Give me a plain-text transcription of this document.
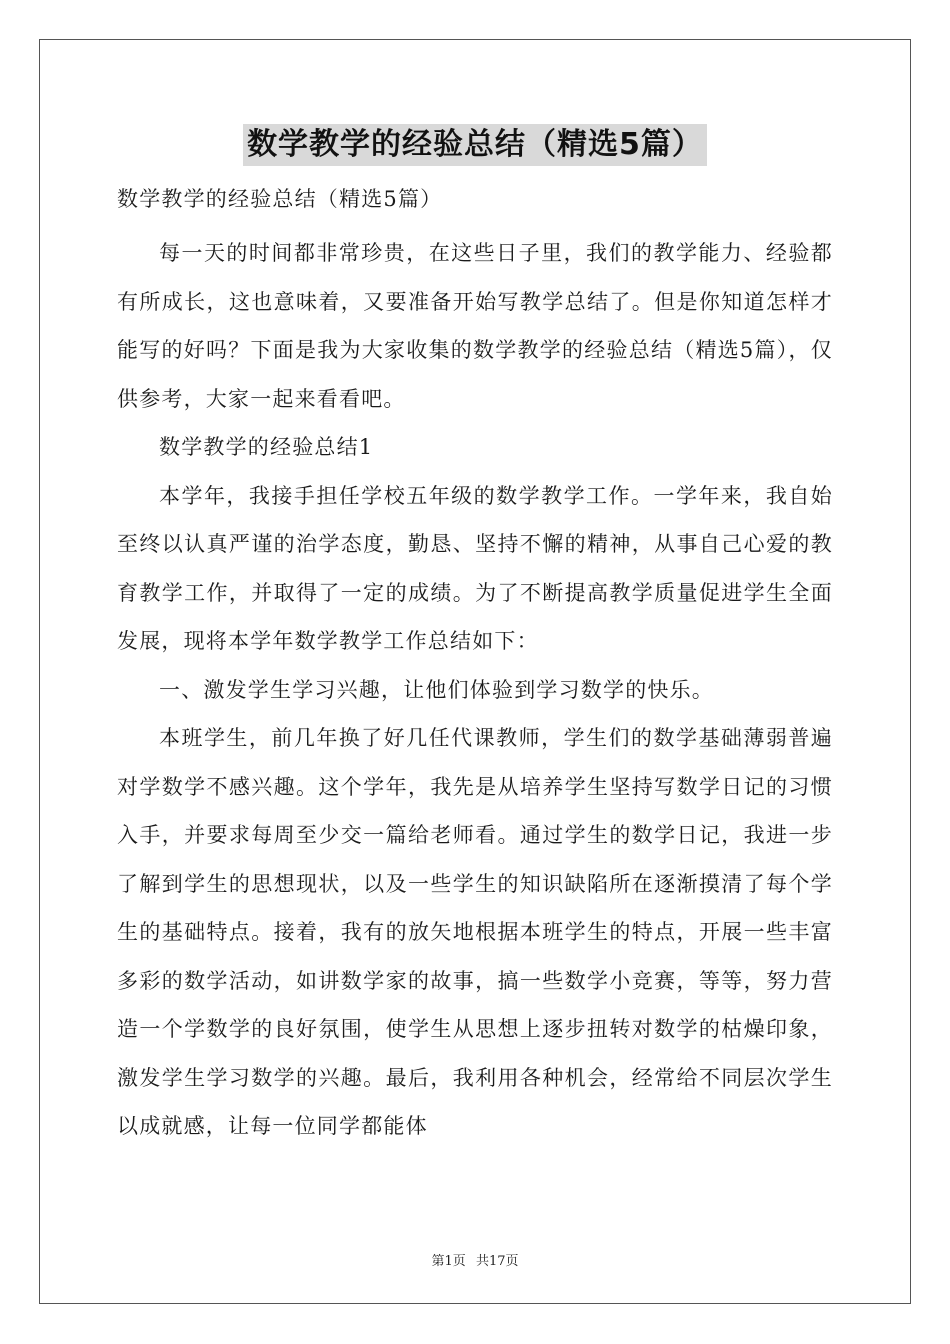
数学教学的经验总结（精选5篇）

数学教学的经验总结（精选5篇）

每一天的时间都非常珍贵，在这些日子里，我们的教学能力、经验都有所成长，这也意味着，又要准备开始写教学总结了。但是你知道怎样才能写的好吗？下面是我为大家收集的数学教学的经验总结（精选5篇），仅供参考，大家一起来看看吧。

数学教学的经验总结1

本学年，我接手担任学校五年级的数学教学工作。一学年来，我自始至终以认真严谨的治学态度，勤恳、坚持不懈的精神，从事自己心爱的教育教学工作，并取得了一定的成绩。为了不断提高教学质量促进学生全面发展，现将本学年数学教学工作总结如下：

一、激发学生学习兴趣，让他们体验到学习数学的快乐。

本班学生，前几年换了好几任代课教师，学生们的数学基础薄弱普遍对学数学不感兴趣。这个学年，我先是从培养学生坚持写数学日记的习惯入手，并要求每周至少交一篇给老师看。通过学生的数学日记，我进一步了解到学生的思想现状，以及一些学生的知识缺陷所在逐渐摸清了每个学生的基础特点。接着，我有的放矢地根据本班学生的特点，开展一些丰富多彩的数学活动，如讲数学家的故事，搞一些数学小竞赛，等等，努力营造一个学数学的良好氛围，使学生从思想上逐步扭转对数学的枯燥印象，激发学生学习数学的兴趣。最后，我利用各种机会，经常给不同层次学生以成就感，让每一位同学都能体

第1页 共17页
